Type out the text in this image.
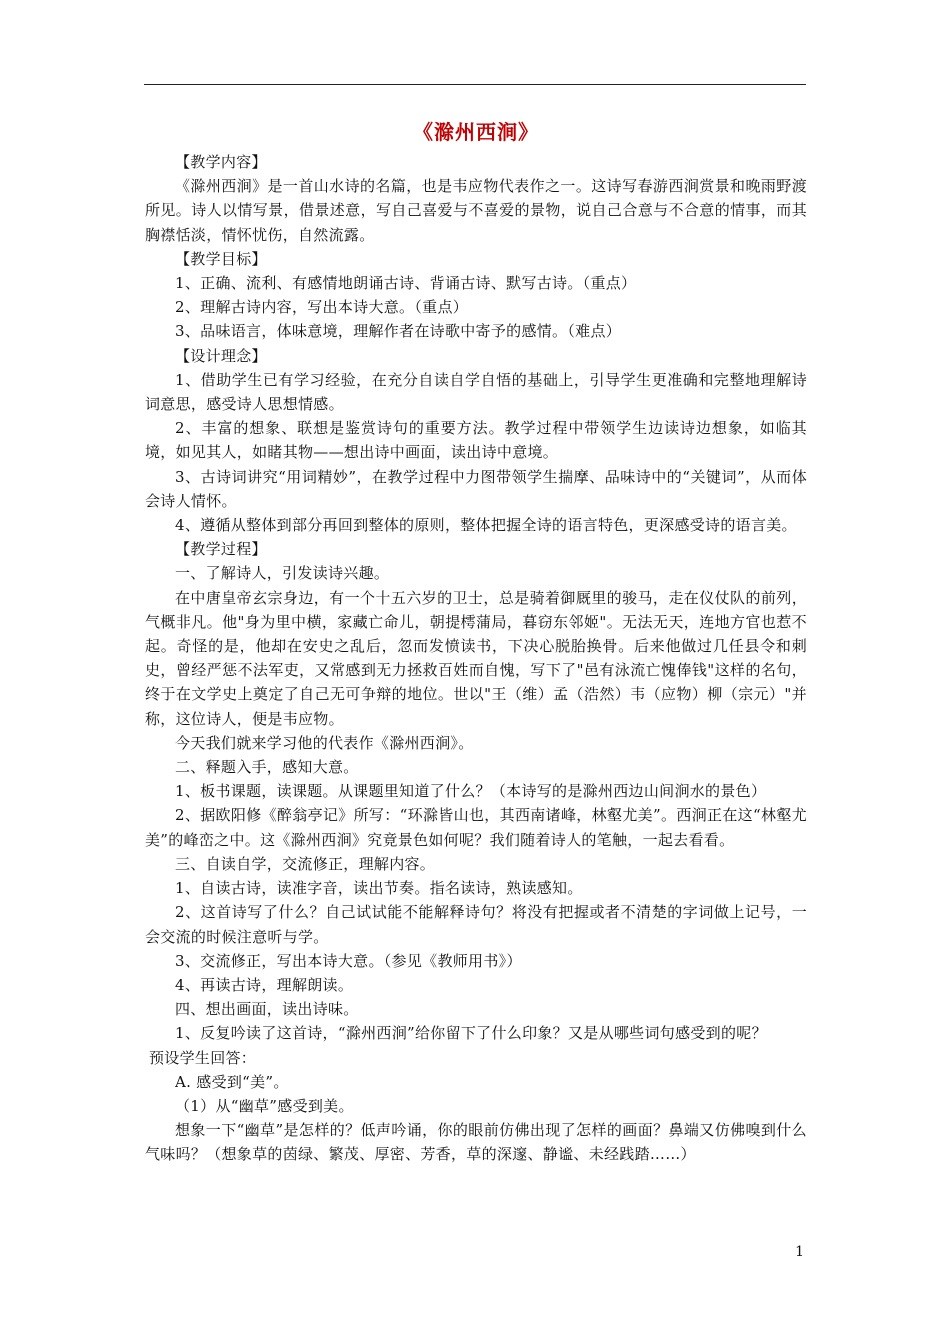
《滁州西涧》

【教学内容】

《滁州西涧》是一首山水诗的名篇，也是韦应物代表作之一。这诗写春游西涧赏景和晚雨野渡所见。诗人以情写景，借景述意，写自己喜爱与不喜爱的景物，说自己合意与不合意的情事，而其胸襟恬淡，情怀忧伤，自然流露。

【教学目标】

1、正确、流利、有感情地朗诵古诗、背诵古诗、默写古诗。（重点）

2、理解古诗内容，写出本诗大意。（重点）

3、品味语言，体味意境，理解作者在诗歌中寄予的感情。（难点）

【设计理念】

1、借助学生已有学习经验，在充分自读自学自悟的基础上，引导学生更准确和完整地理解诗词意思，感受诗人思想情感。

2、丰富的想象、联想是鉴赏诗句的重要方法。教学过程中带领学生边读诗边想象，如临其境，如见其人，如睹其物——想出诗中画面，读出诗中意境。

3、古诗词讲究“用词精妙”，在教学过程中力图带领学生揣摩、品味诗中的“关键词”，从而体会诗人情怀。

4、遵循从整体到部分再回到整体的原则，整体把握全诗的语言特色，更深感受诗的语言美。

【教学过程】

一、了解诗人，引发读诗兴趣。

在中唐皇帝玄宗身边，有一个十五六岁的卫士，总是骑着御厩里的骏马，走在仪仗队的前列，气概非凡。他"身为里中横，家藏亡命儿，朝提樗蒲局，暮窃东邻姬"。无法无天，连地方官也惹不起。奇怪的是，他却在安史之乱后，忽而发愤读书，下决心脱胎换骨。后来他做过几任县令和刺史，曾经严惩不法军吏，又常感到无力拯救百姓而自愧，写下了"邑有泳流亡愧俸钱"这样的名句，终于在文学史上奠定了自己无可争辩的地位。世以"王（维）孟（浩然）韦（应物）柳（宗元）"并称，这位诗人，便是韦应物。

今天我们就来学习他的代表作《滁州西涧》。

二、释题入手，感知大意。

1、板书课题，读课题。从课题里知道了什么？（本诗写的是滁州西边山间涧水的景色）

2、据欧阳修《醉翁亭记》所写：“环滁皆山也，其西南诸峰，林壑尤美”。西涧正在这“林壑尤美”的峰峦之中。这《滁州西涧》究竟景色如何呢？我们随着诗人的笔触，一起去看看。

三、自读自学，交流修正，理解内容。

1、自读古诗，读准字音，读出节奏。指名读诗，熟读感知。

2、这首诗写了什么？自己试试能不能解释诗句？将没有把握或者不清楚的字词做上记号，一会交流的时候注意听与学。

3、交流修正，写出本诗大意。（参见《教师用书》）

4、再读古诗，理解朗读。

四、想出画面，读出诗味。

1、反复吟读了这首诗，“滁州西涧”给你留下了什么印象？又是从哪些词句感受到的呢？

预设学生回答：

A. 感受到“美”。

（1）从“幽草”感受到美。

想象一下“幽草”是怎样的？低声吟诵，你的眼前仿佛出现了怎样的画面？鼻端又仿佛嗅到什么气味吗？（想象草的茵绿、繁茂、厚密、芳香，草的深邃、静谧、未经践踏……）

1
